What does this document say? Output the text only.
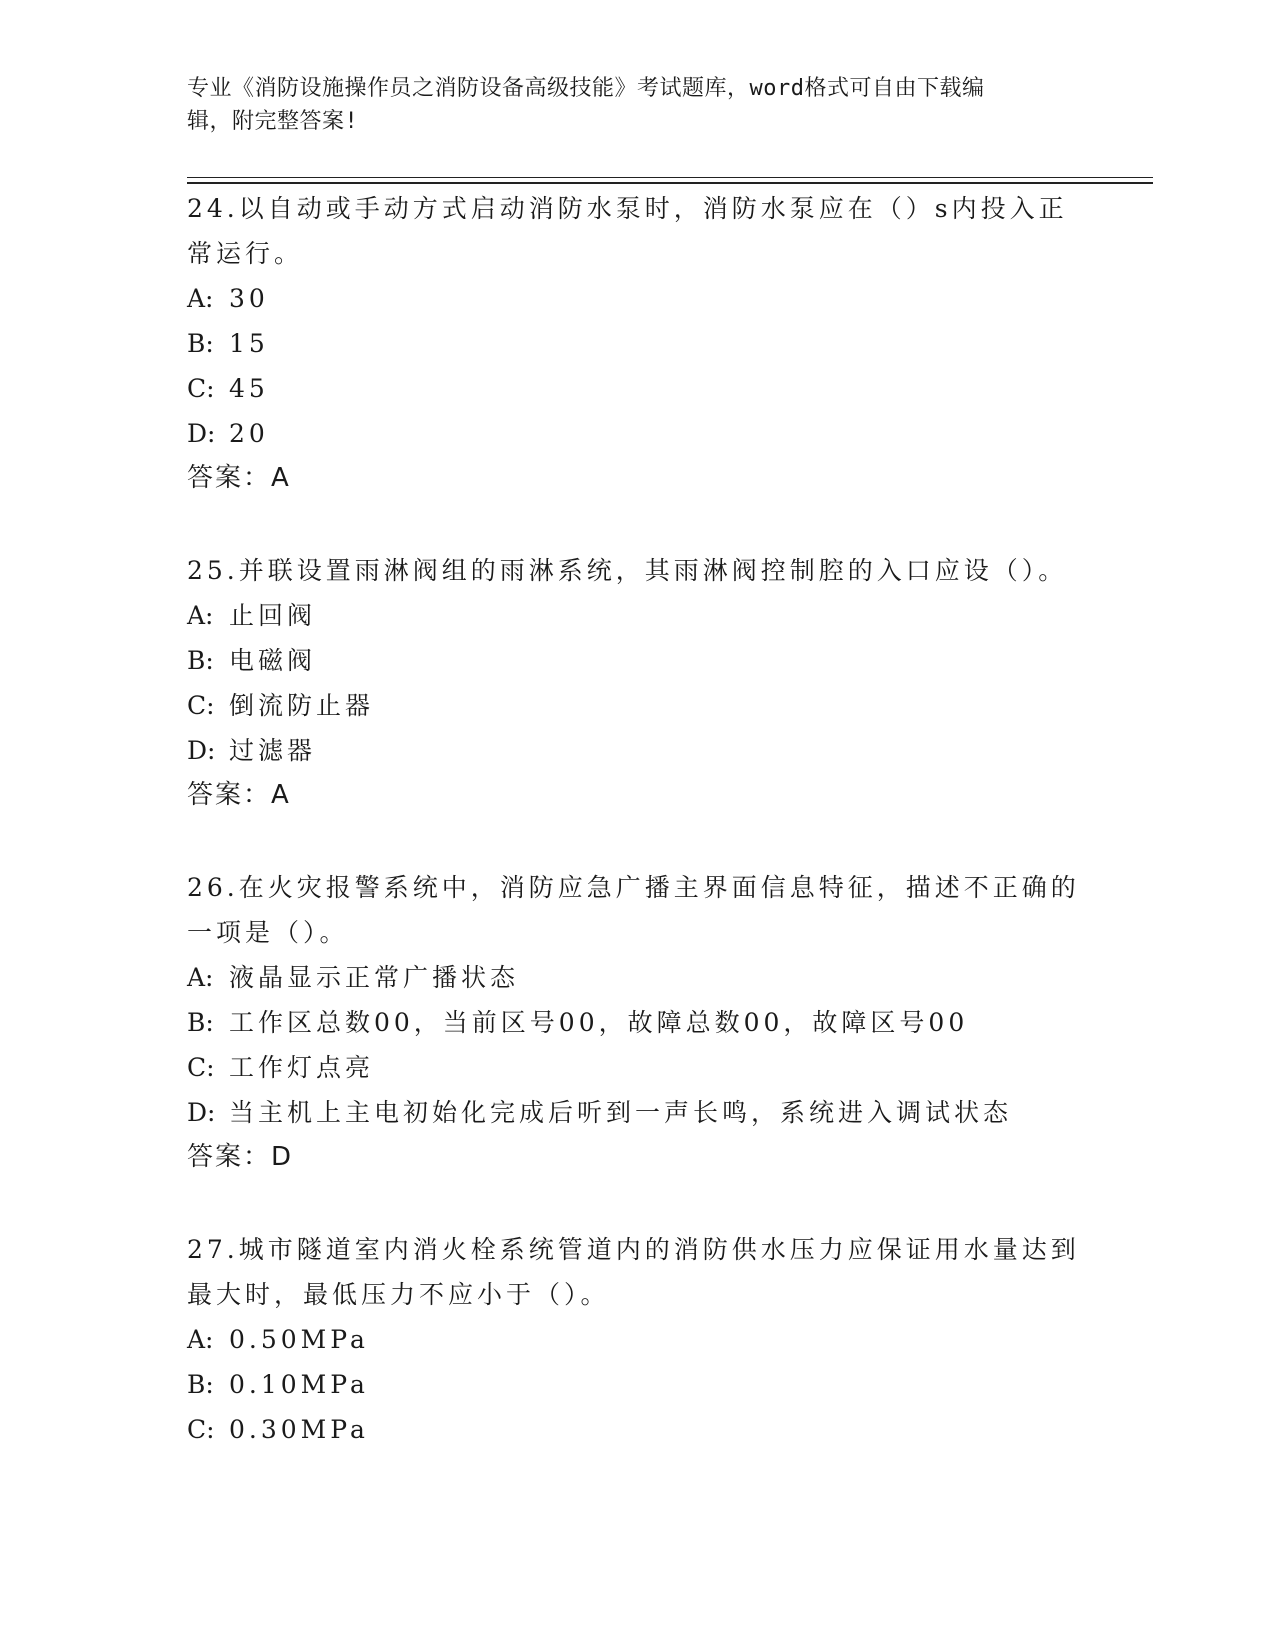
专业《消防设施操作员之消防设备高级技能》考试题库，word格式可自由下载编
辑，附完整答案!

24.以自动或手动方式启动消防水泵时，消防水泵应在（）s内投入正

常运行。

A: 30

B: 15

C: 45

D: 20

答案：A

25.并联设置雨淋阀组的雨淋系统，其雨淋阀控制腔的入口应设（）。

A: 止回阀

B: 电磁阀

C: 倒流防止器

D: 过滤器

答案：A

26.在火灾报警系统中，消防应急广播主界面信息特征，描述不正确的

一项是（）。

A: 液晶显示正常广播状态

B: 工作区总数00，当前区号00，故障总数00，故障区号00

C: 工作灯点亮

D: 当主机上主电初始化完成后听到一声长鸣，系统进入调试状态

答案：D

27.城市隧道室内消火栓系统管道内的消防供水压力应保证用水量达到

最大时，最低压力不应小于（）。

A: 0.50MPa

B: 0.10MPa

C: 0.30MPa
